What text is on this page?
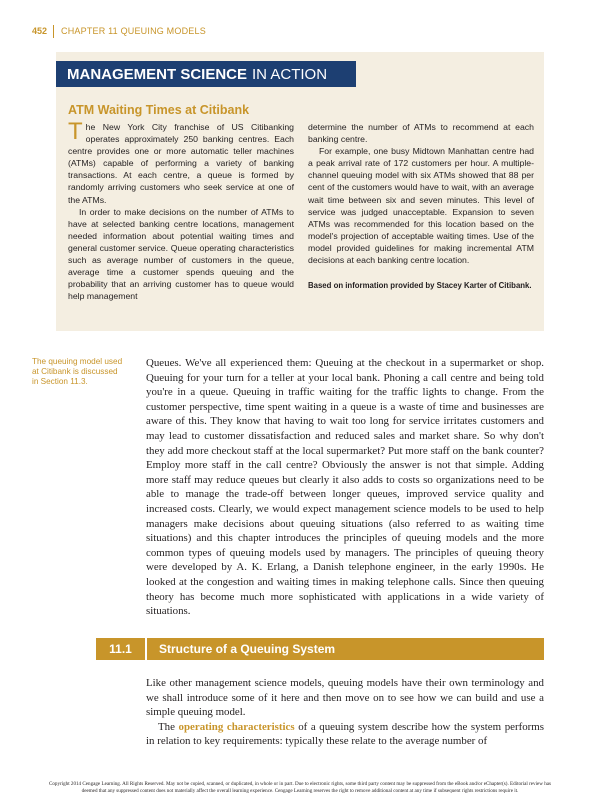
452 CHAPTER 11 QUEUING MODELS
MANAGEMENT SCIENCE IN ACTION
ATM Waiting Times at Citibank

The New York City franchise of US Citibanking operates approximately 250 banking centres. Each centre provides one or more automatic teller machines (ATMs) capable of performing a variety of banking transactions. At each centre, a queue is formed by randomly arriving customers who seek service at one of the ATMs.

In order to make decisions on the number of ATMs to have at selected banking centre locations, management needed information about potential waiting times and general customer service. Queue operating characteristics such as average number of customers in the queue, average time a customer spends queuing and the probability that an arriving customer has to queue would help management

determine the number of ATMs to recommend at each banking centre.

For example, one busy Midtown Manhattan centre had a peak arrival rate of 172 customers per hour. A multiple-channel queuing model with six ATMs showed that 88 per cent of the customers would have to wait, with an average wait time between six and seven minutes. This level of service was judged unacceptable. Expansion to seven ATMs was recommended for this location based on the model's projection of acceptable waiting times. Use of the model provided guidelines for making incremental ATM decisions at each banking centre location.

Based on information provided by Stacey Karter of Citibank.

The queuing model used at Citibank is discussed in Section 11.3.
Queues. We've all experienced them: Queuing at the checkout in a supermarket or shop. Queuing for your turn for a teller at your local bank. Phoning a call centre and being told you're in a queue. Queuing in traffic waiting for the traffic lights to change. From the customer perspective, time spent waiting in a queue is a waste of time and businesses are aware of this. They know that having to wait too long for service irritates customers and may lead to customer dissatisfaction and reduced sales and market share. So why don't they add more checkout staff at the local supermarket? Put more staff on the bank counter? Employ more staff in the call centre? Obviously the answer is not that simple. Adding more staff may reduce queues but clearly it also adds to costs so organizations need to be able to manage the trade-off between longer queues, improved service quality and increased costs. Clearly, we would expect management science models to be used to help managers make decisions about queuing situations (also referred to as waiting time situations) and this chapter introduces the principles of queuing models and the more common types of queuing models used by managers. The principles of queuing theory were developed by A. K. Erlang, a Danish telephone engineer, in the early 1990s. He looked at the congestion and waiting times in making telephone calls. Since then queuing theory has become much more sophisticated with applications in a wide variety of situations.
11.1	Structure of a Queuing System

Like other management science models, queuing models have their own terminology and we shall introduce some of it here and then move on to see how we can build and use a simple queuing model.

The operating characteristics of a queuing system describe how the system performs in relation to key requirements: typically these relate to the average number of

Copyright 2014 Cengage Learning. All Rights Reserved. May not be copied, scanned, or duplicated, in whole or in part. Due to electronic rights, some third party content may be suppressed from the eBook and/or eChapter(s). Editorial review has
deemed that any suppressed content does not materially affect the overall learning experience. Cengage Learning reserves the right to remove additional content at any time if subsequent rights restrictions require it.
